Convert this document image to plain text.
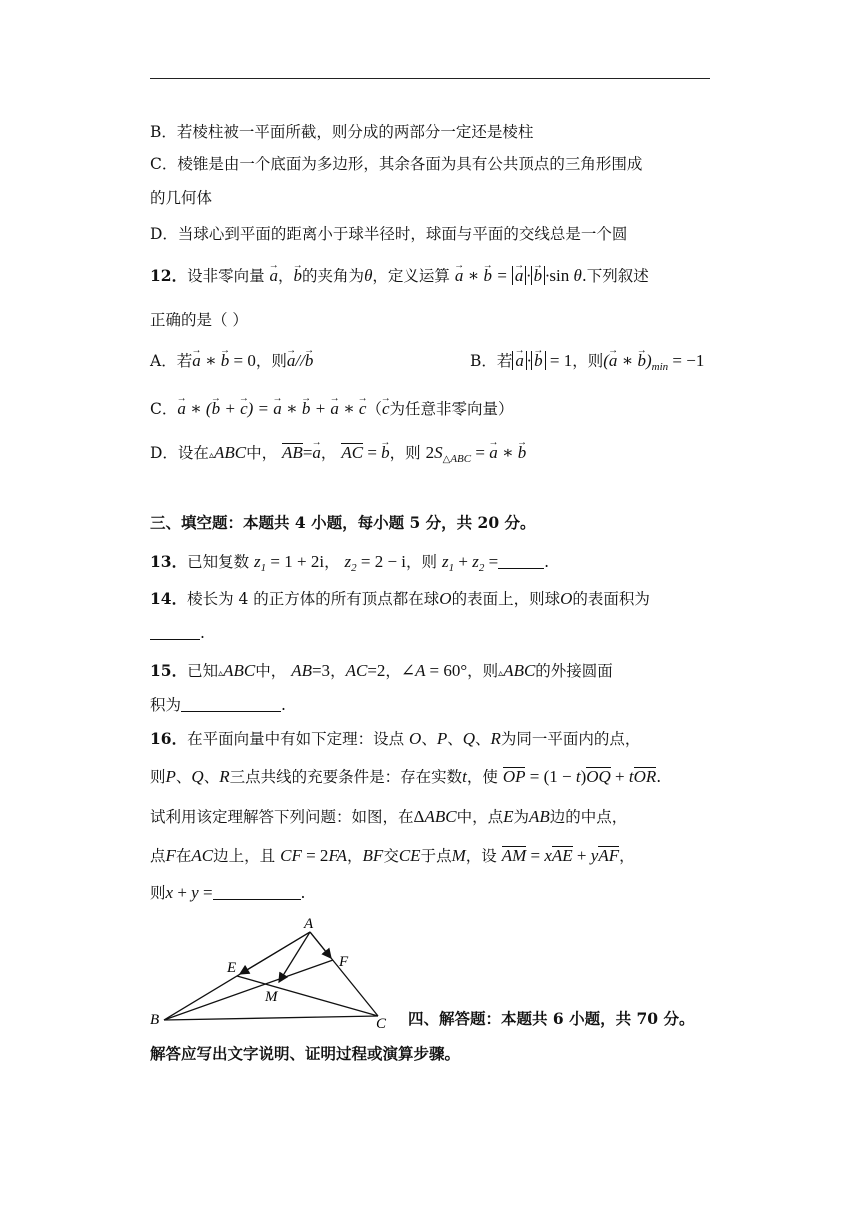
B．若棱柱被一平面所截，则分成的两部分一定还是棱柱
C．棱锥是由一个底面为多边形，其余各面为具有公共顶点的三角形围成
的几何体
D．当球心到平面的距离小于球半径时，球面与平面的交线总是一个圆
12．设非零向量 → a，→ b的夹角为θ，定义运算 → a ∗ → b = → a · → b ·sin θ.下列叙述
正确的是（ ）
A．若→ a ∗ → b = 0，则→ a//→ b	B．若 → a · → b = 1，则(→ a ∗ → $b)_{min} = -1$
C．→ a ∗ (→ b + → c) = → a ∗ → b + → a ∗ → c（→ c为任意非零向量）
D．设在▵ABC中， AB=→ a， AC = → b，则 $2S_{\triangle ABC}$ = → a ∗ → b
三、填空题：本题共 4 小题，每小题 5 分，共 20 分。
13．已知复数 $z_1 = 1 + 2i$， $z_2 = 2 - i$，则 $z_1 + z_2$ =	.
14．棱长为 4 的正方体的所有顶点都在球O的表面上，则球O的表面积为
.
15．已知▵ABC中， AB=3，AC=2，∠A = 60°，则▵ABC的外接圆面
积为	.
16．在平面向量中有如下定理：设点 O、P、Q、R为同一平面内的点，
则P、Q、R三点共线的充要条件是：存在实数t，使 OP = (1 − t)OQ + tOR.
试利用该定理解答下列问题：如图，在ΔABC中，点E为AB边的中点，
点F在AC边上，且 CF = 2FA，BF交CE于点M，设 AM = xAE + yAF，
则x + y =	.
A
B	C
E	F
M
四、解答题：本题共 6 小题，共 70 分。
解答应写出文字说明、证明过程或演算步骤。
